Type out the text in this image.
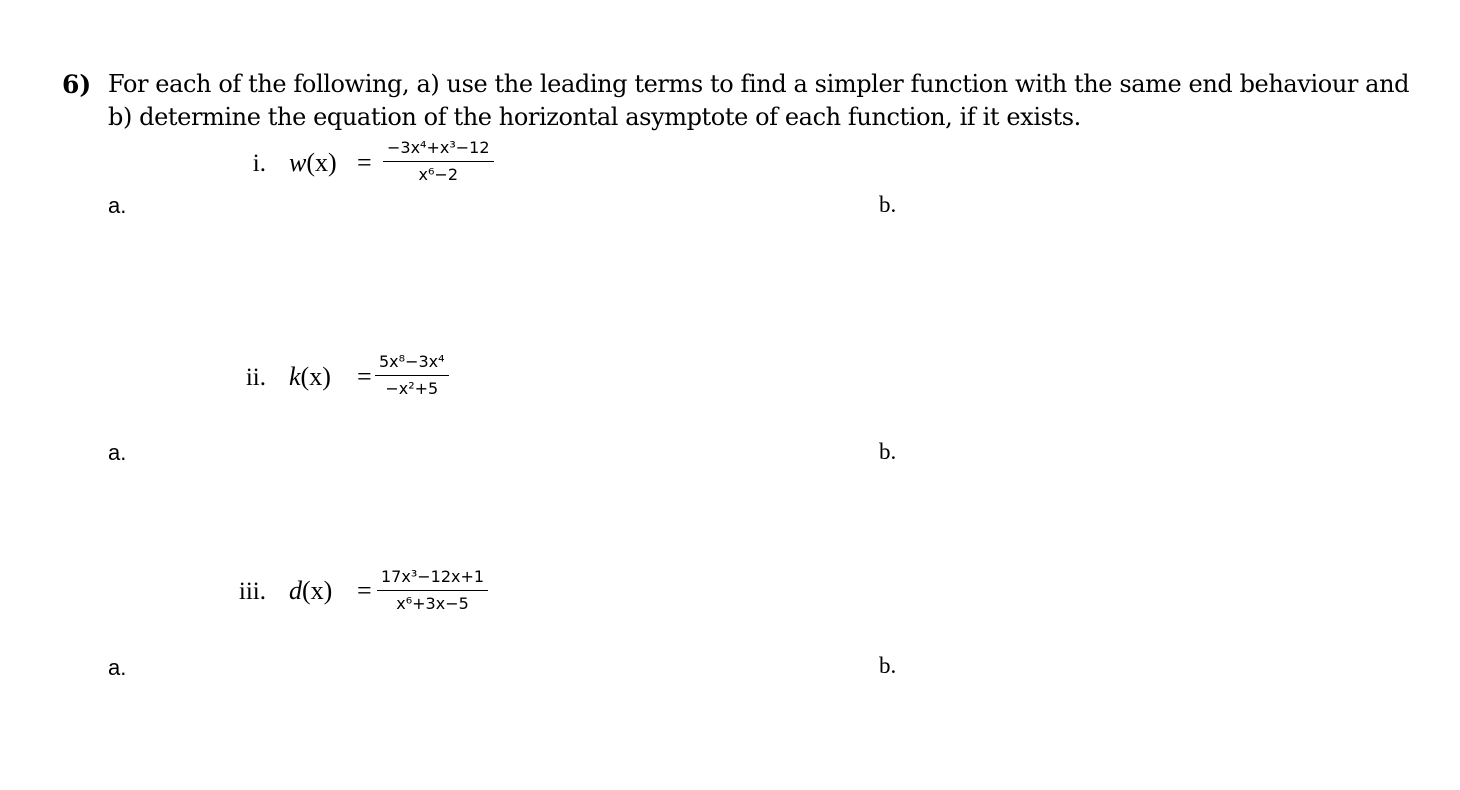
6) For each of the following, a) use the leading terms to find a simpler function with the same end behaviour and
b) determine the equation of the horizontal asymptote of each function, if it exists.
i. w(x) =
−3x⁴+x³−12
x⁶−2
a.	b.
ii. k(x) =
5x⁸−3x⁴
−x²+5
a.	b.
iii. d(x) = 17x³−12x+1
x⁶+3x−5
a.	b.
